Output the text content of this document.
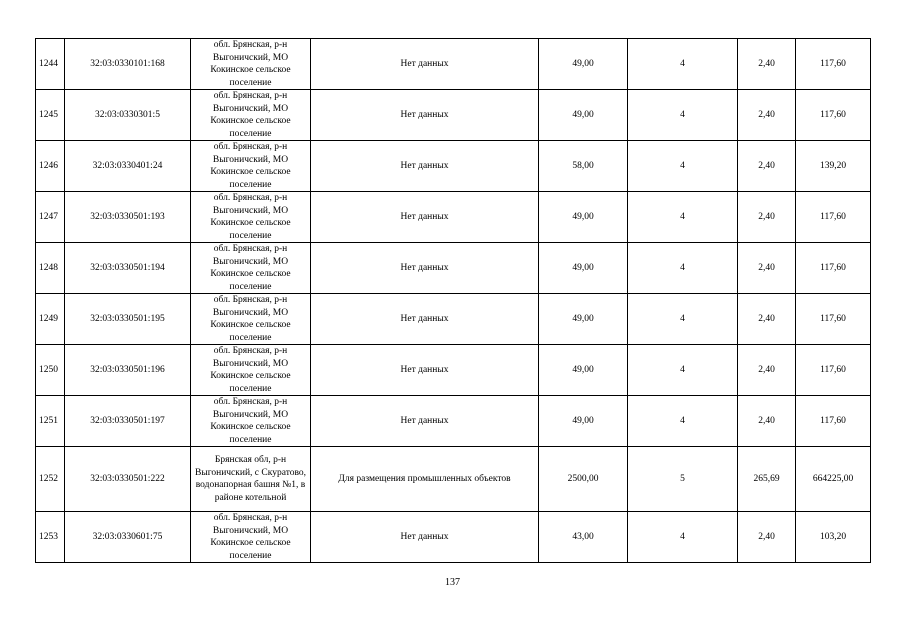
1244	32:03:0330101:168	обл. Брянская, р-н Выгоничский, МО Кокинское сельское поселение	Нет данных	49,00	4	2,40	117,60
1245	32:03:0330301:5	обл. Брянская, р-н Выгоничский, МО Кокинское сельское поселение	Нет данных	49,00	4	2,40	117,60
1246	32:03:0330401:24	обл. Брянская, р-н Выгоничский, МО Кокинское сельское поселение	Нет данных	58,00	4	2,40	139,20
1247	32:03:0330501:193	обл. Брянская, р-н Выгоничский, МО Кокинское сельское поселение	Нет данных	49,00	4	2,40	117,60
1248	32:03:0330501:194	обл. Брянская, р-н Выгоничский, МО Кокинское сельское поселение	Нет данных	49,00	4	2,40	117,60
1249	32:03:0330501:195	обл. Брянская, р-н Выгоничский, МО Кокинское сельское поселение	Нет данных	49,00	4	2,40	117,60
1250	32:03:0330501:196	обл. Брянская, р-н Выгоничский, МО Кокинское сельское поселение	Нет данных	49,00	4	2,40	117,60
1251	32:03:0330501:197	обл. Брянская, р-н Выгоничский, МО Кокинское сельское поселение	Нет данных	49,00	4	2,40	117,60
1252	32:03:0330501:222	Брянская обл, р-н Выгоничский, с Скуратово, водонапорная башня №1, в районе котельной	Для размещения промышленных объектов	2500,00	5	265,69	664225,00
1253	32:03:0330601:75	обл. Брянская, р-н Выгоничский, МО Кокинское сельское поселение	Нет данных	43,00	4	2,40	103,20
137
